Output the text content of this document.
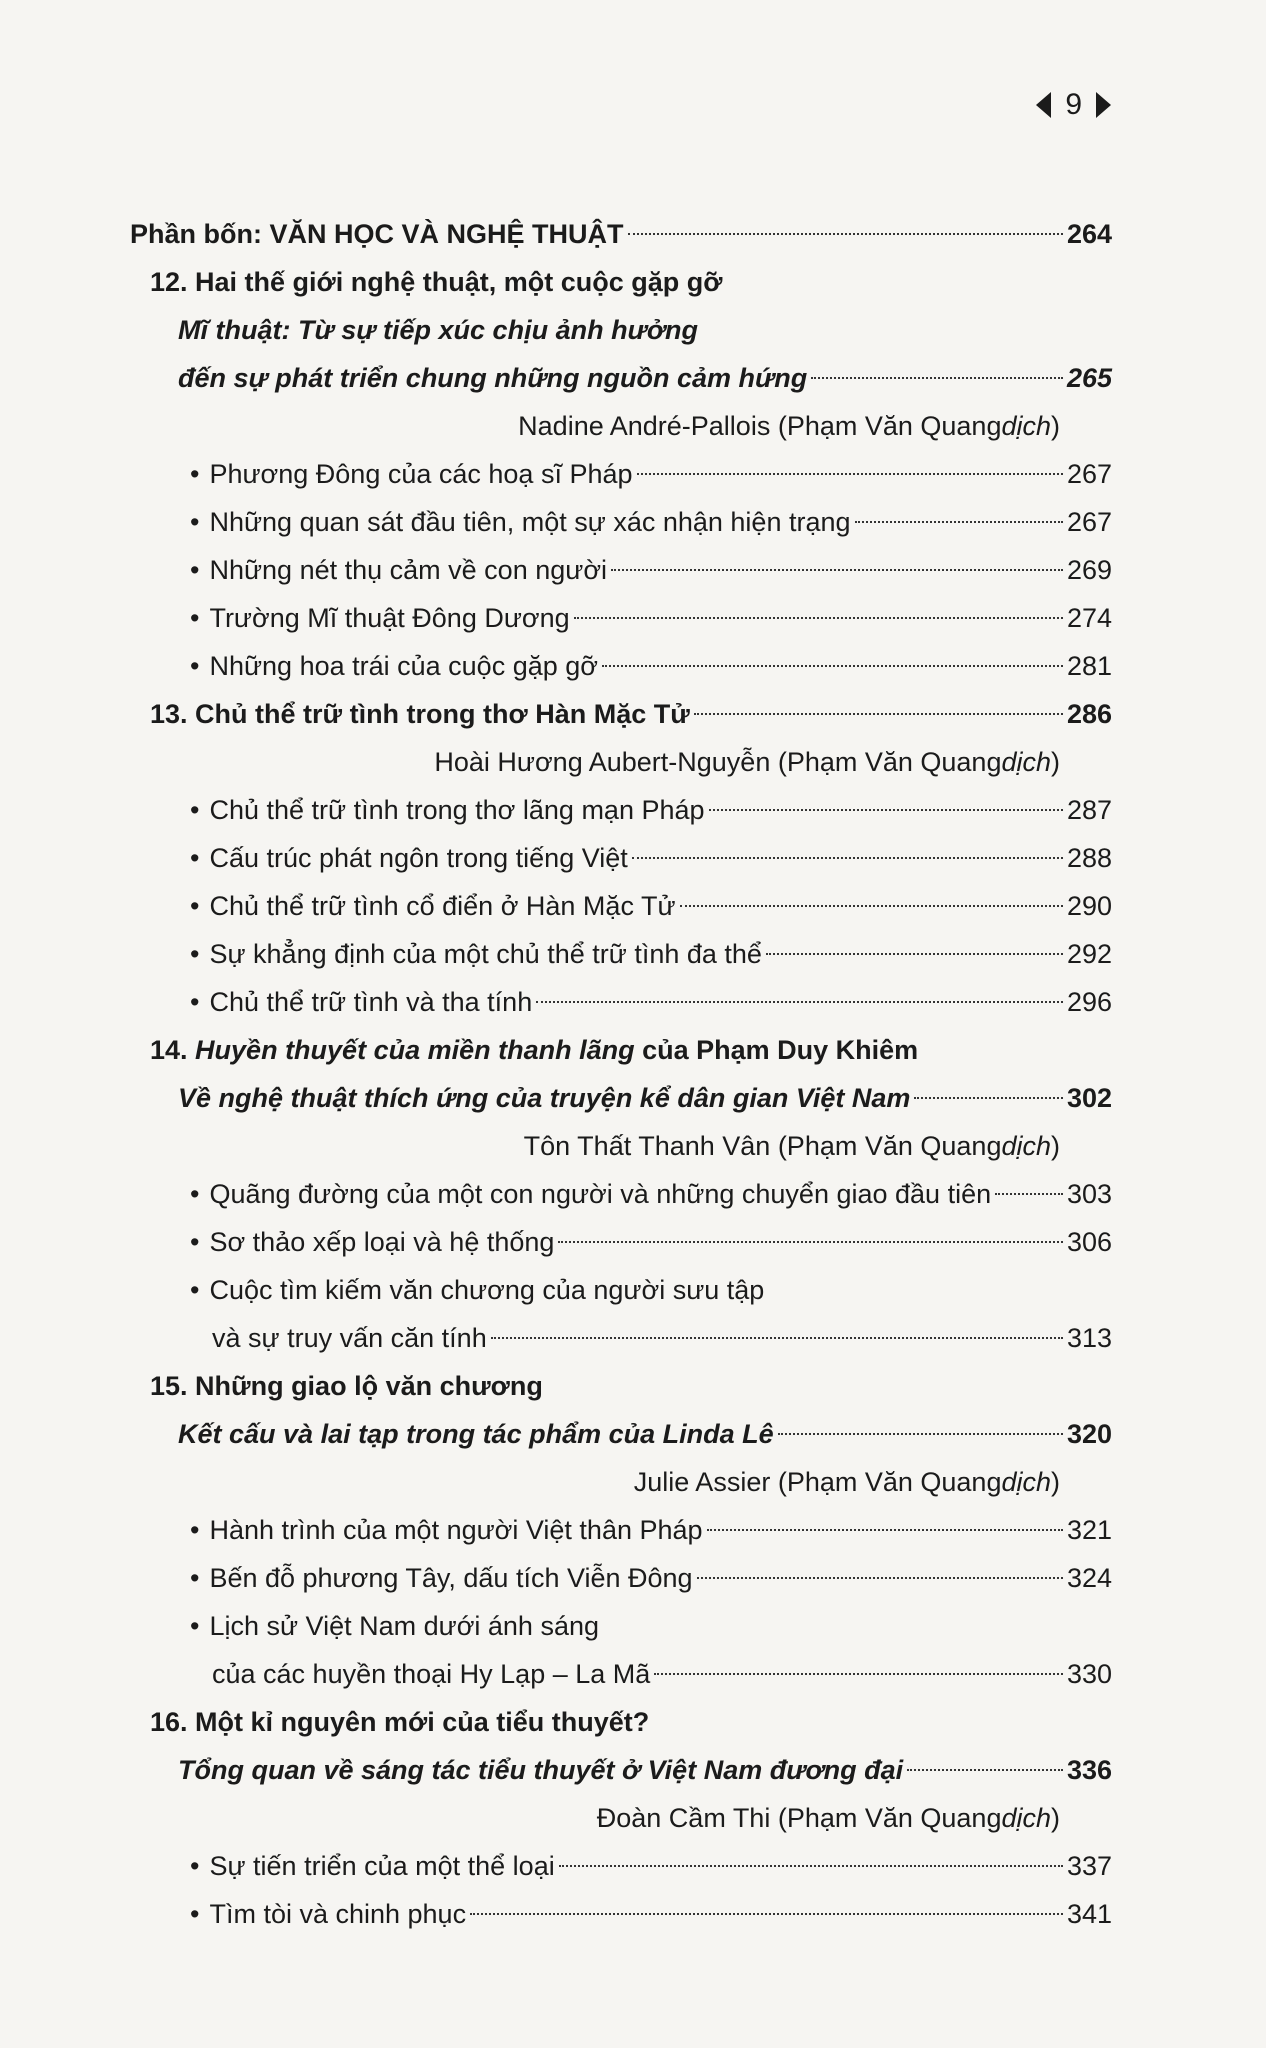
9
Phần bốn: VĂN HỌC VÀ NGHỆ THUẬT	264
12. Hai thế giới nghệ thuật, một cuộc gặp gỡ
Mĩ thuật: Từ sự tiếp xúc chịu ảnh hưởng
đến sự phát triển chung những nguồn cảm hứng	265
Nadine André-Pallois (Phạm Văn Quang dịch )
• Phương Đông của các hoạ sĩ Pháp	267
• Những quan sát đầu tiên, một sự xác nhận hiện trạng	267
• Những nét thụ cảm về con người	269
• Trường Mĩ thuật Đông Dương	274
• Những hoa trái của cuộc gặp gỡ	281
13. Chủ thể trữ tình trong thơ Hàn Mặc Tử	286
Hoài Hương Aubert-Nguyễn (Phạm Văn Quang dịch )
• Chủ thể trữ tình trong thơ lãng mạn Pháp	287
• Cấu trúc phát ngôn trong tiếng Việt	288
• Chủ thể trữ tình cổ điển ở Hàn Mặc Tử	290
• Sự khẳng định của một chủ thể trữ tình đa thể	292
• Chủ thể trữ tình và tha tính	296
14. Huyền thuyết của miền thanh lãng của Phạm Duy Khiêm
Về nghệ thuật thích ứng của truyện kể dân gian Việt Nam	302
Tôn Thất Thanh Vân (Phạm Văn Quang dịch )
• Quãng đường của một con người và những chuyển giao đầu tiên	303
• Sơ thảo xếp loại và hệ thống	306
• Cuộc tìm kiếm văn chương của người sưu tập
và sự truy vấn căn tính	313
15. Những giao lộ văn chương
Kết cấu và lai tạp trong tác phẩm của Linda Lê	320
Julie Assier (Phạm Văn Quang dịch )
• Hành trình của một người Việt thân Pháp	321
• Bến đỗ phương Tây, dấu tích Viễn Đông	324
• Lịch sử Việt Nam dưới ánh sáng
của các huyền thoại Hy Lạp – La Mã	330
16. Một kỉ nguyên mới của tiểu thuyết?
Tổng quan về sáng tác tiểu thuyết ở Việt Nam đương đại	336
Đoàn Cầm Thi (Phạm Văn Quang dịch )
• Sự tiến triển của một thể loại	337
• Tìm tòi và chinh phục	341
